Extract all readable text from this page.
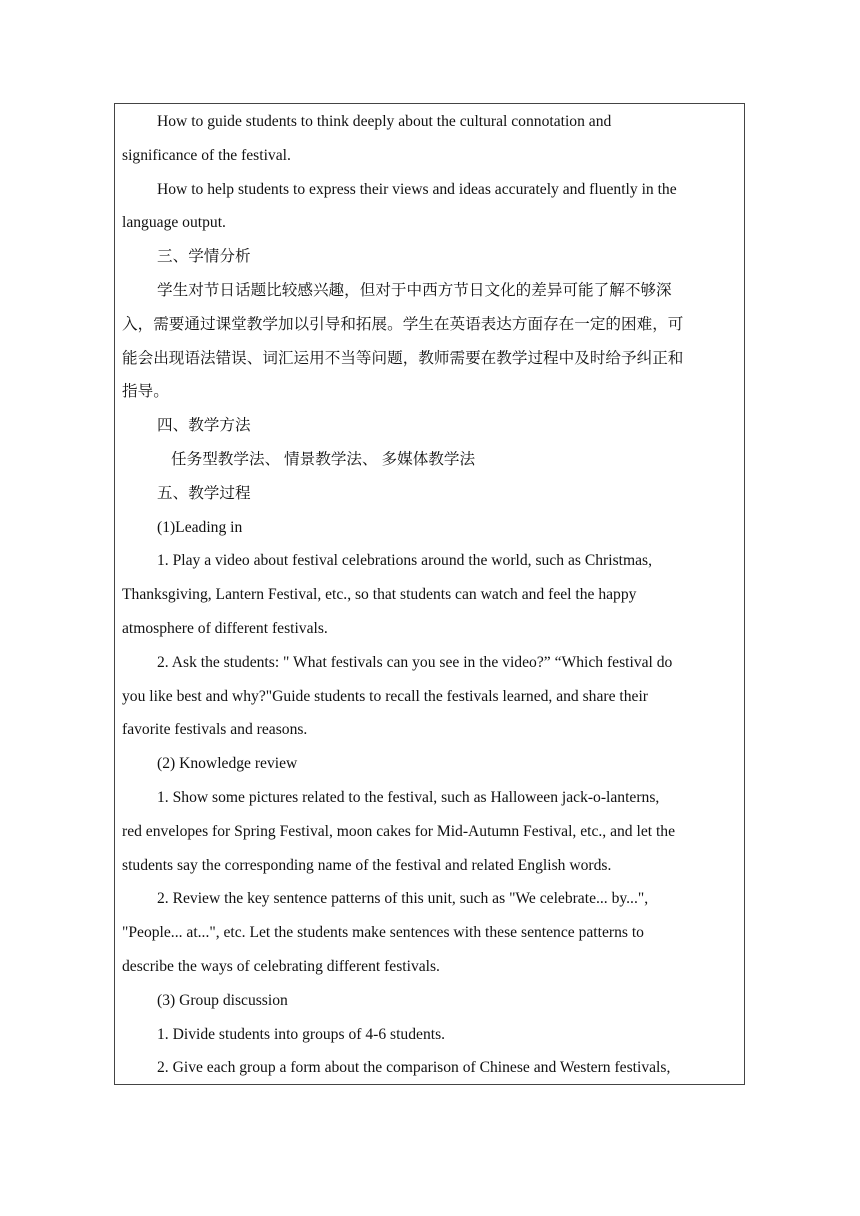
How to guide students to think deeply about the cultural connotation and
significance of the festival.
How to help students to express their views and ideas accurately and fluently in the
language output.
三、学情分析
学生对节日话题比较感兴趣，但对于中西方节日文化的差异可能了解不够深
入，需要通过课堂教学加以引导和拓展。学生在英语表达方面存在一定的困难，可
能会出现语法错误、词汇运用不当等问题，教师需要在教学过程中及时给予纠正和
指导。
四、教学方法
任务型教学法、 情景教学法、 多媒体教学法
五、教学过程
(1)Leading in
1. Play a video about festival celebrations around the world, such as Christmas,
Thanksgiving, Lantern Festival, etc., so that students can watch and feel the happy
atmosphere of different festivals.
2. Ask the students: " What festivals can you see in the video?” “Which festival do
you like best and why?"Guide students to recall the festivals learned, and share their
favorite festivals and reasons.
(2) Knowledge review
1. Show some pictures related to the festival, such as Halloween jack-o-lanterns,
red envelopes for Spring Festival, moon cakes for Mid-Autumn Festival, etc., and let the
students say the corresponding name of the festival and related English words.
2. Review the key sentence patterns of this unit, such as "We celebrate... by...",
"People... at...", etc. Let the students make sentences with these sentence patterns to
describe the ways of celebrating different festivals.
(3) Group discussion
1. Divide students into groups of 4-6 students.
2. Give each group a form about the comparison of Chinese and Western festivals,
